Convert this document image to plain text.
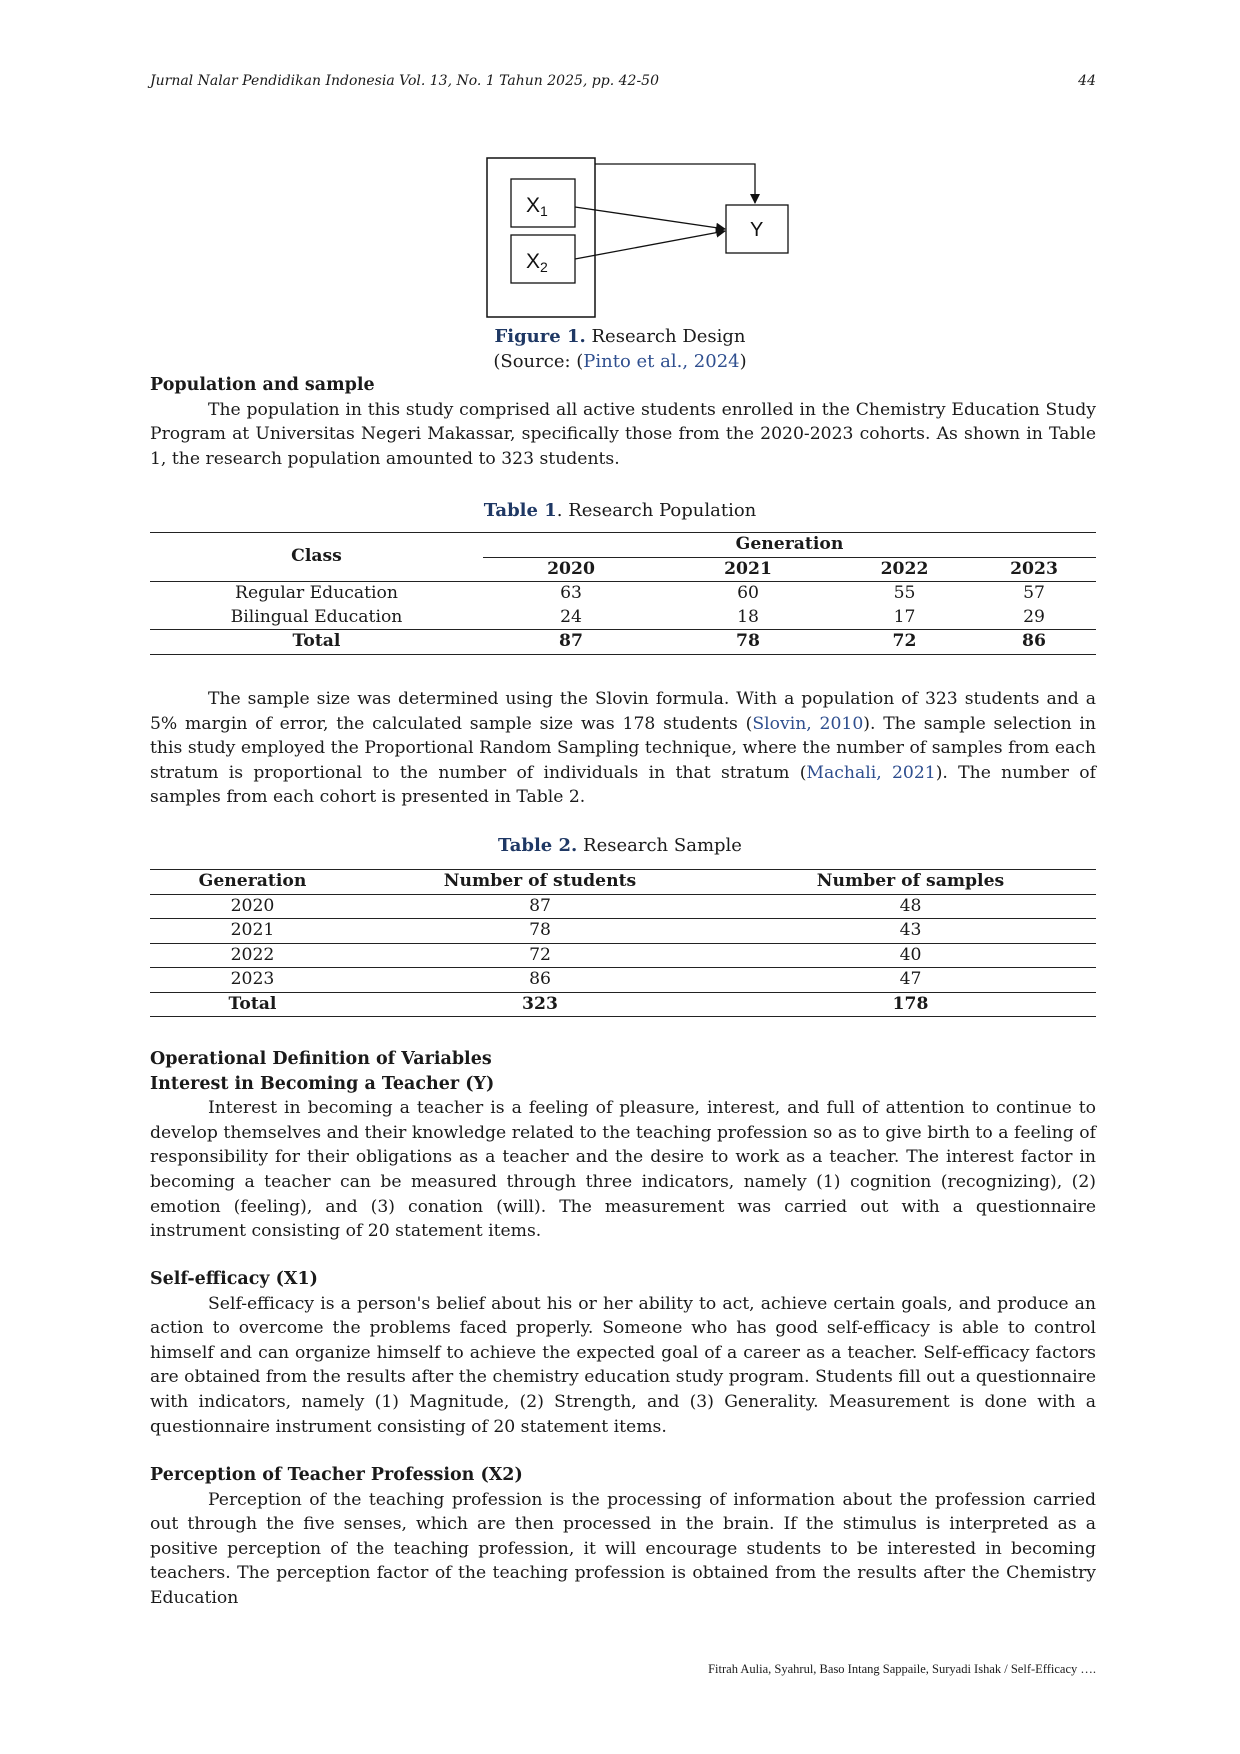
Jurnal Nalar Pendidikan Indonesia Vol. 13, No. 1 Tahun 2025, pp. 42-50	44
X1
X2
Y
Figure 1. Research Design
(Source: (Pinto et al., 2024)
Population and sample

The population in this study comprised all active students enrolled in the Chemistry Education Study Program at Universitas Negeri Makassar, specifically those from the 2020-2023 cohorts. As shown in Table 1, the research population amounted to 323 students.

Table 1. Research Population
Class	Generation			
	2020	2021	2022	2023
Regular Education	63	60	55	57
Bilingual Education	24	18	17	29
Total	87	78	72	86

The sample size was determined using the Slovin formula. With a population of 323 students and a 5% margin of error, the calculated sample size was 178 students (Slovin, 2010). The sample selection in this study employed the Proportional Random Sampling technique, where the number of samples from each stratum is proportional to the number of individuals in that stratum (Machali, 2021). The number of samples from each cohort is presented in Table 2.

Table 2. Research Sample
Generation	Number of students	Number of samples
2020	87	48
2021	78	43
2022	72	40
2023	86	47
Total	323	178
Operational Definition of Variables
Interest in Becoming a Teacher (Y)

Interest in becoming a teacher is a feeling of pleasure, interest, and full of attention to continue to develop themselves and their knowledge related to the teaching profession so as to give birth to a feeling of responsibility for their obligations as a teacher and the desire to work as a teacher. The interest factor in becoming a teacher can be measured through three indicators, namely (1) cognition (recognizing), (2) emotion (feeling), and (3) conation (will). The measurement was carried out with a questionnaire instrument consisting of 20 statement items.

Self-efficacy (X1)

Self-efficacy is a person's belief about his or her ability to act, achieve certain goals, and produce an action to overcome the problems faced properly. Someone who has good self-efficacy is able to control himself and can organize himself to achieve the expected goal of a career as a teacher. Self-efficacy factors are obtained from the results after the chemistry education study program. Students fill out a questionnaire with indicators, namely (1) Magnitude, (2) Strength, and (3) Generality. Measurement is done with a questionnaire instrument consisting of 20 statement items.

Perception of Teacher Profession (X2)

Perception of the teaching profession is the processing of information about the profession carried out through the five senses, which are then processed in the brain. If the stimulus is interpreted as a positive perception of the teaching profession, it will encourage students to be interested in becoming teachers. The perception factor of the teaching profession is obtained from the results after the Chemistry Education

Fitrah Aulia, Syahrul, Baso Intang Sappaile, Suryadi Ishak / Self-Efficacy ….
